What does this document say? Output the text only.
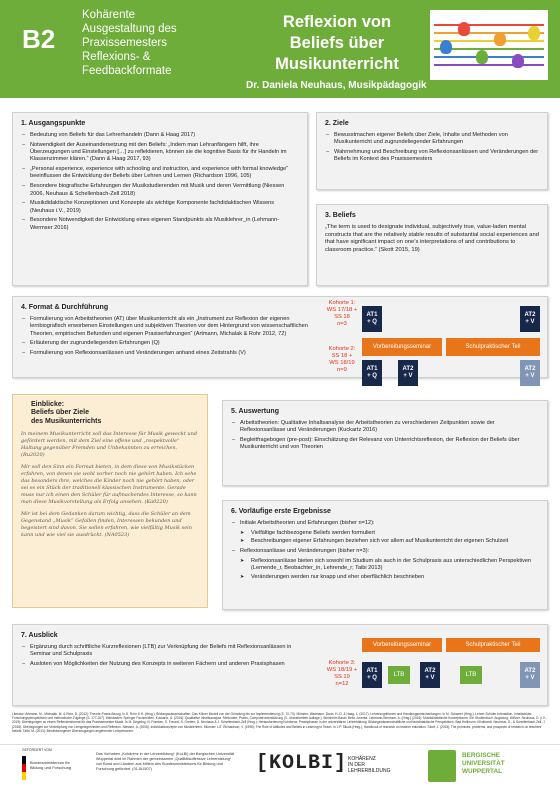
B2
Kohärente
Ausgestaltung des
Praxissemesters
Reflexions- &
Feedbackformate
Reflexion von
Beliefs über
Musikunterricht
Dr. Daniela Neuhaus, Musikpädagogik
1. Ausgangspunkte
– Bedeutung von Beliefs für das Lehrerhandeln (Dann & Haag 2017)
– Notwendigkeit der Auseinandersetzung mit den Beliefs: „Indem man Lehranfängern hilft, ihre Überzeugungen und Einstellungen […] zu reflektieren, können sie die kognitive Basis für ihr Handeln im Klassenzimmer klären.“ (Dann & Haag 2017, 93)
– „Personal experience, experience with schooling and instruction, and experience with formal knowledge“ beeinflussen die Entwicklung der Beliefs über Lehren und Lernen (Richardson 1996, 105)
– Besondere biografische Erfahrungen der Musikstudierenden mit Musik und deren Vermittlung (Niessen 2006, Neuhaus & Schellenbach-Zell 2018)
– Musikdidaktische Konzeptionen und Konzepte als wichtige Komponente fachdidaktischen Wissens (Neuhaus i.V., 2019)
– Besondere Notwendigkeit der Entwicklung eines eigenen Standpunkts als Musiklehrer_in (Lehmann-Wermser 2016)
2. Ziele
– Bewusstmachen eigener Beliefs über Ziele, Inhalte und Methoden von Musikunterricht und zugrundeliegender Erfahrungen
– Wahrnehmung und Beschreibung von Reflexionsanlässen und Veränderungen der Beliefs im Kontext des Praxissemesters
3. Beliefs
„The term is used to designate individual, subjectively true, value-laden mental constructs that are the relatively stable results of substantial social experiences and that have significant impact on one’s interpretations of and contributions to classroom practice.“ (Skott 2015, 19)
4. Format & Durchführung
– Formulierung von Arbeitstheorien (AT) über Musikunterricht als ein „Instrument zur Reflexion der eigenen lernbiografisch erworbenen Einstellungen und subjektiven Theorien vor dem Hintergrund von wissenschaftlichen Theorien, empirischen Befunden und eigenen Praxiserfahrungen“ (Artmann, Michalak & Rohr 2012, 72)
– Erläuterung der zugrundeliegenden Erfahrungen (Q)
– Formulierung von Reflexionsanlässen und Veränderungen anhand eines Zeitstrahls (V)
Kohorte 1:
WS 17/18 +
SS 18
n=3
AT1
+ Q
AT2
+ V
Vorbereitungsseminar	Schulpraktischer Teil
Kohorte 2:
SS 18 +
WS 18/19
n=9	AT1
+ Q
AT2
+ V
AT2
+ V
Einblicke:
Beliefs über Ziele
des Musikunterrichts
In meinem Musikunterricht soll das Interesse für Musik geweckt und gefördert werden, mit dem Ziel eine offene und „respektvolle“ Haltung gegenüber Fremden und Unbekannten zu erreichen. (Ru2020)
Mir soll den Sinn ein Format bieten, in dem diese von Musikstücken erfahren, von denen sie wohl vorher noch nie gehört haben. Ich sehe das besonders ihre, welches die Kinder noch nie gehört haben, oder sei es ein Stück der traditionell klassischen Instrumente. Gerade muss nur ich einen den Schüler für aufmachendes Interesse, so kann man diese Musikvorstellung als Erfolg ansehen. (Ka0220)
Mir ist bei dem Gedanken darum wichtig, dass die Schüler an dem Gegenstand „Musik“ Gefallen finden, Interessen bekunden und begeistert sind davon. Sie sollen erfahren, wie vielfältig Musik sein kann und wie viel sie ausdrückt. (NA0523)
5. Auswertung
– Arbeitstheorien: Qualitative Inhaltsanalyse der Arbeitstheorien zu verschiedenen Zeitpunkten sowie der Reflexionsanlässe und Veränderungen (Kuckartz 2016)
– Begleitfragebogen (pre-post): Einschätzung der Relevanz von Unterrichtsreflexion, der Reflexion der Beliefs über Musikunterricht und von Theorien
6. Vorläufige erste Ergebnisse
– Initiale Arbeitstheorien und Erfahrungen (bisher n=12):
➤ Vielfältige fachbezogene Beliefs werden formuliert
➤ Beschreibungen eigener Erfahrungen beziehen sich vor allem auf Musikunterricht der eigenen Schulzeit
– Reflexionsanlässe und Veränderungen (bisher n=3):
➤ Reflexionsanlässe bieten sich sowohl im Studium als auch in der Schulpraxis aus unterschiedlichen Perspektiven (Lernende_r, Beobachter_in, Lehrende_r; Taibi 2013)
➤ Veränderungen werden nur knapp und eher oberflächlich beschrieben
7. Ausblick
– Ergänzung durch schriftliche Kurzreflexionen (LTB) zur Verknüpfung der Beliefs mit Reflexionsanlässen in Seminar und Schulpraxis
– Ausloten von Möglichkeiten der Nutzung des Konzepts in weiteren Fächern und anderen Praxisphasen
Vorbereitungsseminar	Schulpraktischer Teil
Kohorte 3:
WS 18/19 +
SS 19
n=12
AT1
+ Q	LTB
AT2
+ V	LTB
AT2
+ V
Literatur: Artmann, M., Michalak, M. & Rohr, D. (2012): Theorie-Praxis-Bezug. In D. Rohr & H. (Hrsg.): Bildungswissenschaften: Das Kölner Modell von der Gründung bis zur Implementierung (S. 70-73). Münster: Waxmann. Dann, H.-D. & Haag, L. (2017): Lehrerkognitionen und Handlungsentscheidungen. In M. Schweer (Hrsg.), Lehrer-Schüler-Interaktion. Inhaltsfelder, Forschungsperspektiven und methodische Zugänge (S. 177-207). Wiesbaden: Springer Fachmedien. Kuckartz, U. (2016): Qualitative Inhaltsanalyse. Methoden, Praxis, Computerunterstützung (3., überarbeitete Auflage.). Weinheim Basel: Beltz Juventa. Lehmann-Wermser, A. (Hrsg.) (2016): Musikdidaktische Konzeptionen. Ein Studienbuch. Augsburg: Wißner. Neuhaus, D. (i.V., 2019): Überlegungen zu einem Reflexionsformat für das Praxissemester Musik. In M. Degeling, N. Franken, S. Freund, S. Greiten, D. Neuhaus & J. Schellenbach-Zell (Hrsg.): Herausforderung Kohärenz: Praxisphasen in der universitären Lehrerbildung. Bildungswissenschaftliche und fachdidaktische Perspektiven. Bad Heilbrunn: Klinkhardt. Neuhaus, D., & Schellenbach-Zell, J. (2018): Überlegungen zur Verknüpfung von Lerngelegenheiten und Reflexion. Niessen, A. (2006): Individualkonzepte von Musiklehrern. Münster: LIT. Richardson, V. (1996): The Role of Attitudes and Beliefs in Learning to Teach. In J.P. Sikula (Hrsg.), Handbook of research on teacher education. Skott, J. (2015): The promises, problems, and prospects of research on teachers' beliefs. Taibi, M. (2013): Berufsbezogener Überzeugungen angehender Lehrpersonen.
GEFÖRDERT VOM
Bundesministerium für Bildung und Forschung
Das Vorhaben „Kohärenz in der Lehrerbildung“ (KoLBi) der Bergischen Universität Wuppertal wird im Rahmen der gemeinsamen „Qualitätsoffensive Lehrerbildung“ von Bund und Ländern aus Mitteln des Bundesministeriums für Bildung und Forschung gefördert. (01JA1507)	[KOLBI] KOHÄRENZ
IN DER
LEHRERBILDUNG
BERGISCHE
UNIVERSITÄT
WUPPERTAL
